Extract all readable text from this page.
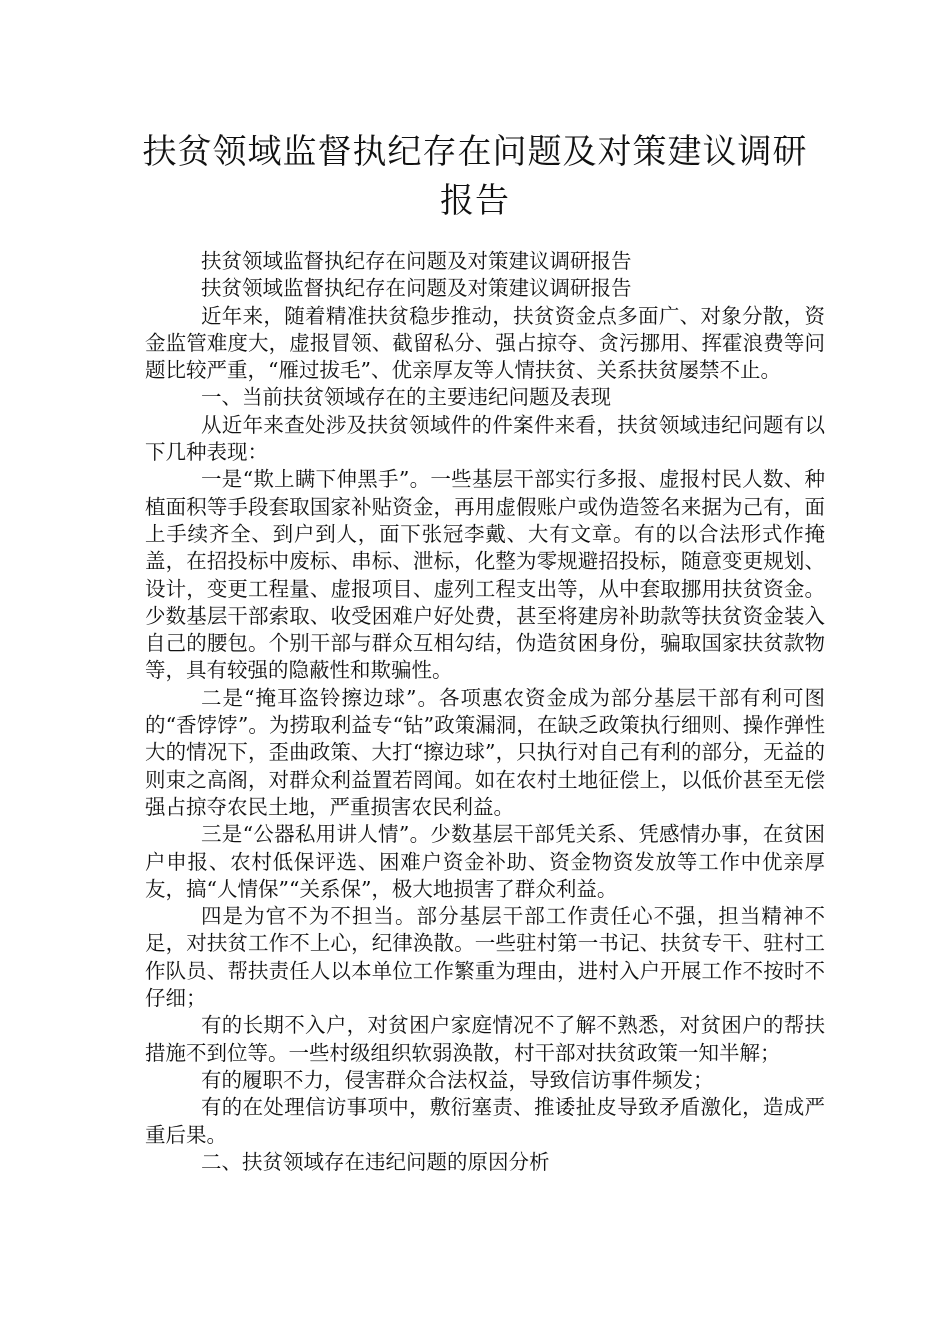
扶贫领域监督执纪存在问题及对策建议调研报告

扶贫领域监督执纪存在问题及对策建议调研报告

扶贫领域监督执纪存在问题及对策建议调研报告

近年来，随着精准扶贫稳步推动，扶贫资金点多面广、对象分散，资金监管难度大，虚报冒领、截留私分、强占掠夺、贪污挪用、挥霍浪费等问题比较严重，“雁过拔毛”、优亲厚友等人情扶贫、关系扶贫屡禁不止。

一、当前扶贫领域存在的主要违纪问题及表现

从近年来查处涉及扶贫领域件的件案件来看，扶贫领域违纪问题有以下几种表现：

一是“欺上瞒下伸黑手”。一些基层干部实行多报、虚报村民人数、种植面积等手段套取国家补贴资金，再用虚假账户或伪造签名来据为己有，面上手续齐全、到户到人，面下张冠李戴、大有文章。有的以合法形式作掩盖，在招投标中废标、串标、泄标，化整为零规避招投标，随意变更规划、设计，变更工程量、虚报项目、虚列工程支出等，从中套取挪用扶贫资金。少数基层干部索取、收受困难户好处费，甚至将建房补助款等扶贫资金装入自己的腰包。个别干部与群众互相勾结，伪造贫困身份，骗取国家扶贫款物等，具有较强的隐蔽性和欺骗性。

二是“掩耳盗铃擦边球”。各项惠农资金成为部分基层干部有利可图的“香饽饽”。为捞取利益专“钻”政策漏洞，在缺乏政策执行细则、操作弹性大的情况下，歪曲政策、大打“擦边球”，只执行对自己有利的部分，无益的则束之高阁，对群众利益置若罔闻。如在农村土地征偿上，以低价甚至无偿强占掠夺农民土地，严重损害农民利益。

三是“公器私用讲人情”。少数基层干部凭关系、凭感情办事，在贫困户申报、农村低保评选、困难户资金补助、资金物资发放等工作中优亲厚友，搞“人情保”“关系保”，极大地损害了群众利益。

四是为官不为不担当。部分基层干部工作责任心不强，担当精神不足，对扶贫工作不上心，纪律涣散。一些驻村第一书记、扶贫专干、驻村工作队员、帮扶责任人以本单位工作繁重为理由，进村入户开展工作不按时不仔细；

有的长期不入户，对贫困户家庭情况不了解不熟悉，对贫困户的帮扶措施不到位等。一些村级组织软弱涣散，村干部对扶贫政策一知半解；

有的履职不力，侵害群众合法权益，导致信访事件频发；

有的在处理信访事项中，敷衍塞责、推诿扯皮导致矛盾激化，造成严重后果。

二、扶贫领域存在违纪问题的原因分析
